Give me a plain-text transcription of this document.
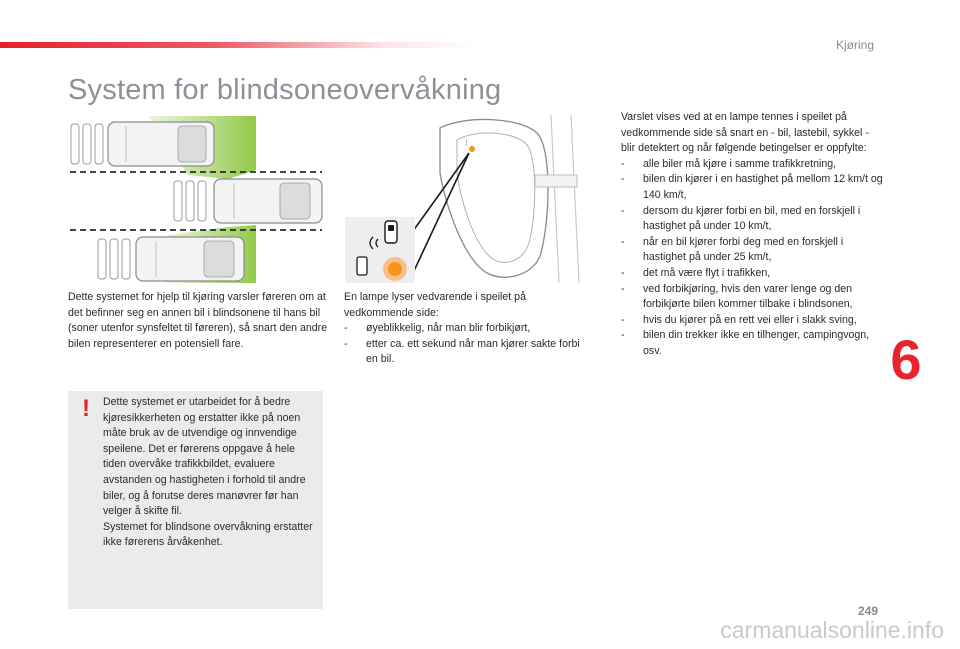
Kjøring
System for blindsoneovervåkning
6
⋮

Dette systemet for hjelp til kjøring varsler føreren om at det befinner seg en annen bil i blindsonene til hans bil (soner utenfor synsfeltet til føreren), så snart den andre bilen representerer en potensiell fare.

! Dette systemet er utarbeidet for å bedre kjøresikkerheten og erstatter ikke på noen måte bruk av de utvendige og innvendige speilene. Det er førerens oppgave å hele tiden overvåke trafikkbildet, evaluere avstanden og hastigheten i forhold til andre biler, og å forutse deres manøvrer før han velger å skifte fil.

Systemet for blindsone overvåkning erstatter ikke førerens årvåkenhet.

En lampe lyser vedvarende i speilet på vedkommende side:

- øyeblikkelig, når man blir forbikjørt,
- etter ca. ett sekund når man kjører sakte forbi en bil.

Varslet vises ved at en lampe tennes i speilet på vedkommende side så snart en - bil, lastebil, sykkel - blir detektert og når følgende betingelser er oppfylte:

- alle biler må kjøre i samme trafikkretning,
- bilen din kjører i en hastighet på mellom 12 km/t og 140 km/t,
- dersom du kjører forbi en bil, med en forskjell i hastighet på under 10 km/t,
- når en bil kjører forbi deg med en forskjell i hastighet på under 25 km/t,
- det må være flyt i trafikken,
- ved forbikjøring, hvis den varer lenge og den forbikjørte bilen kommer tilbake i blindsonen,
- hvis du kjører på en rett vei eller i slakk sving,
- bilen din trekker ikke en tilhenger, campingvogn, osv.
249
carmanualsonline.info
